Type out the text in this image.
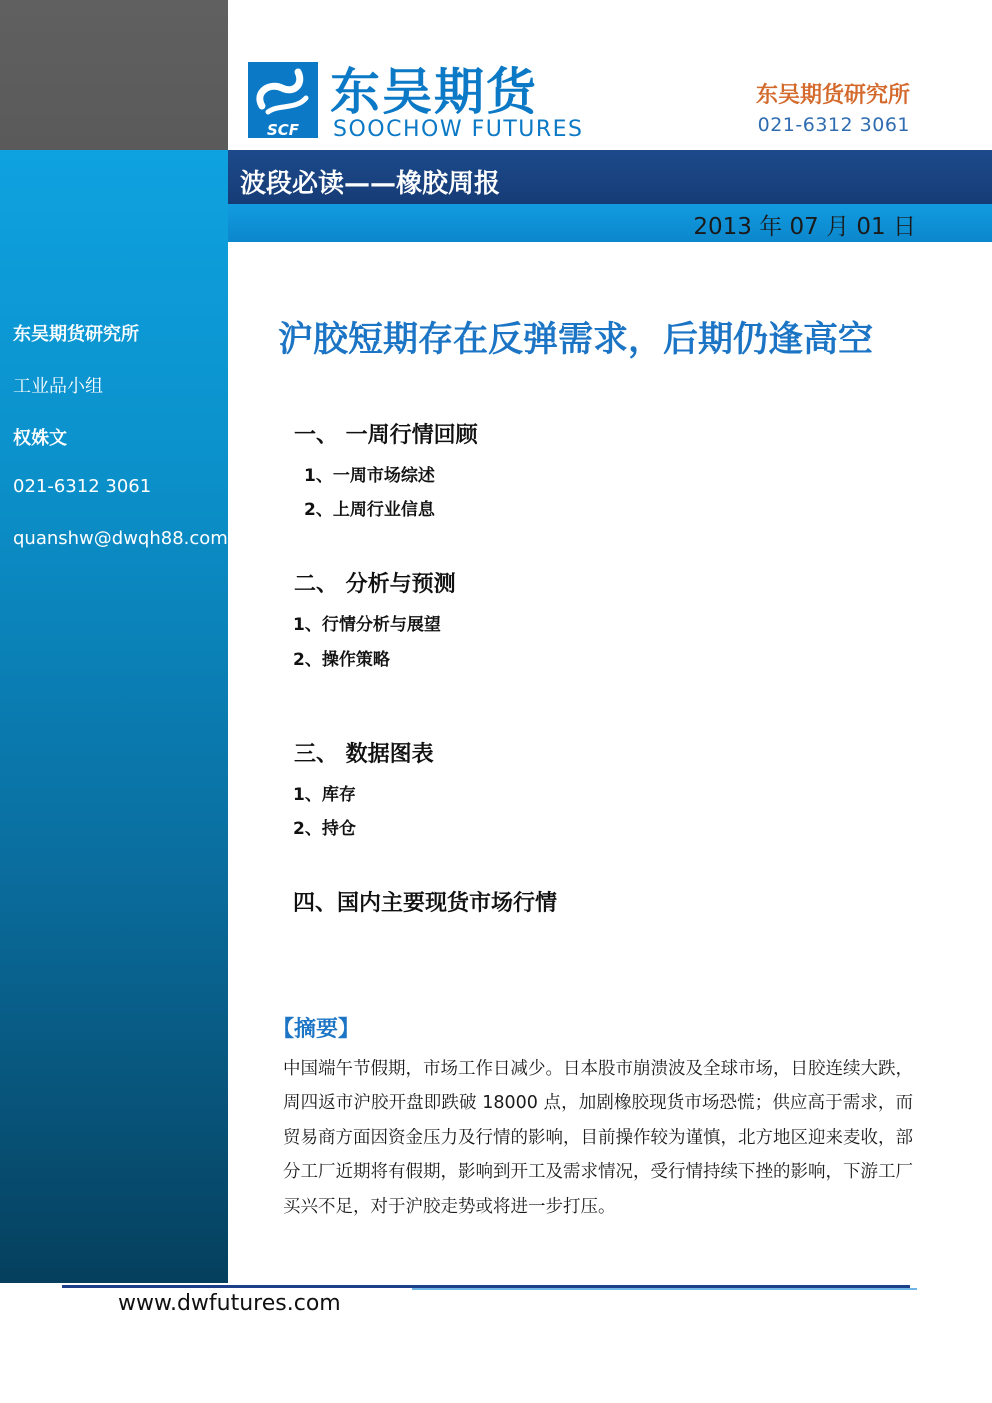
东吴期货研究所
工业品小组
权姝文
021-6312 3061
quanshw@dwqh88.com
SCF
东吴期货
SOOCHOW FUTURES
东吴期货研究所
021-6312 3061
波段必读——橡胶周报
2013 年 07 月 01 日
沪胶短期存在反弹需求，后期仍逢高空
一、 一周行情回顾
1、一周市场综述
2、上周行业信息
二、 分析与预测
1、行情分析与展望
2、操作策略
三、 数据图表
1、库存
2、持仓
四、国内主要现货市场行情
【摘要】
中国端午节假期，市场工作日减少。日本股市崩溃波及全球市场，日胶连续大跌，周四返市沪胶开盘即跌破 18000 点，加剧橡胶现货市场恐慌；供应高于需求，而贸易商方面因资金压力及行情的影响，目前操作较为谨慎，北方地区迎来麦收，部分工厂近期将有假期，影响到开工及需求情况，受行情持续下挫的影响，下游工厂买兴不足，对于沪胶走势或将进一步打压。
www.dwfutures.com
